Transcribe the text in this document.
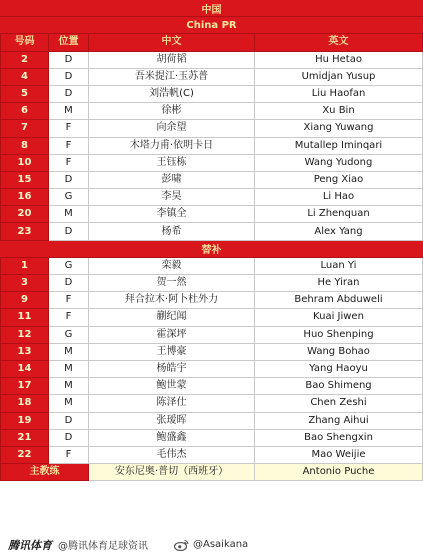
中国
China PR
号码	位置	中文	英文
2	D	胡荷韬	Hu Hetao
4	D	吾米提江·玉苏普	Umidjan Yusup
5	D	刘浩帆(C)	Liu Haofan
6	M	徐彬	Xu Bin
7	F	向余望	Xiang Yuwang
8	F	木塔力甫·依明卡日	Mutallep Iminqari
10	F	王钰栋	Wang Yudong
15	D	彭啸	Peng Xiao
16	G	李昊	Li Hao
20	M	李镇全	Li Zhenquan
23	D	杨希	Alex Yang
替补
1	G	栾毅	Luan Yi
3	D	贺一然	He Yiran
9	F	拜合拉木·阿卜杜外力	Behram Abduweli
11	F	蒯纪闻	Kuai Jiwen
12	G	霍深坪	Huo Shenping
13	M	王博豪	Wang Bohao
14	M	杨皓宇	Yang Haoyu
17	M	鲍世蒙	Bao Shimeng
18	M	陈泽仕	Chen Zeshi
19	D	张瑷晖	Zhang Aihui
21	D	鲍盛鑫	Bao Shengxin
22	F	毛伟杰	Mao Weijie
主教练	安东尼奥·普切（西班牙）	Antonio Puche
腾讯体育 @腾讯体育足球资讯	@Asaikana
